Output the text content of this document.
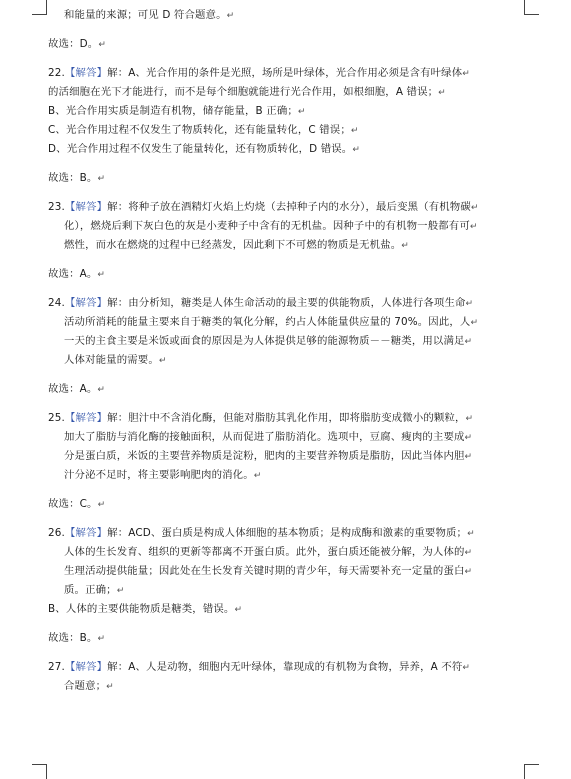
和能量的来源；可见 D 符合题意。↵
故选：D。↵
22.【解答】解：A、光合作用的条件是光照，场所是叶绿体，光合作用必须是含有叶绿体↵
的活细胞在光下才能进行，而不是每个细胞就能进行光合作用，如根细胞，A 错误；↵
B、光合作用实质是制造有机物，储存能量，B 正确；↵
C、光合作用过程不仅发生了物质转化，还有能量转化，C 错误；↵
D、光合作用过程不仅发生了能量转化，还有物质转化，D 错误。↵
故选：B。↵
23.【解答】解：将种子放在酒精灯火焰上灼烧（去掉种子内的水分），最后变黑（有机物碳↵
化），燃烧后剩下灰白色的灰是小麦种子中含有的无机盐。因种子中的有机物一般都有可↵
燃性，而水在燃烧的过程中已经蒸发，因此剩下不可燃的物质是无机盐。↵
故选：A。↵
24.【解答】解：由分析知，糖类是人体生命活动的最主要的供能物质，人体进行各项生命↵
活动所消耗的能量主要来自于糖类的氧化分解，约占人体能量供应量的 70%。因此，人↵
一天的主食主要是米饭或面食的原因是为人体提供足够的能源物质－－糖类，用以满足↵
人体对能量的需要。↵
故选：A。↵
25.【解答】解：胆汁中不含消化酶，但能对脂肪其乳化作用，即将脂肪变成微小的颗粒，↵
加大了脂肪与消化酶的接触面积，从而促进了脂肪消化。选项中，豆腐、瘦肉的主要成↵
分是蛋白质，米饭的主要营养物质是淀粉，肥肉的主要营养物质是脂肪，因此当体内胆↵
汁分泌不足时，将主要影响肥肉的消化。↵
故选：C。↵
26.【解答】解：ACD、蛋白质是构成人体细胞的基本物质；是构成酶和激素的重要物质；↵
人体的生长发育、组织的更新等都离不开蛋白质。此外，蛋白质还能被分解，为人体的↵
生理活动提供能量；因此处在生长发育关键时期的青少年，每天需要补充一定量的蛋白↵
质。正确；↵
B、人体的主要供能物质是糖类，错误。↵
故选：B。↵
27.【解答】解：A、人是动物，细胞内无叶绿体，靠现成的有机物为食物，异养，A 不符↵
合题意；↵
